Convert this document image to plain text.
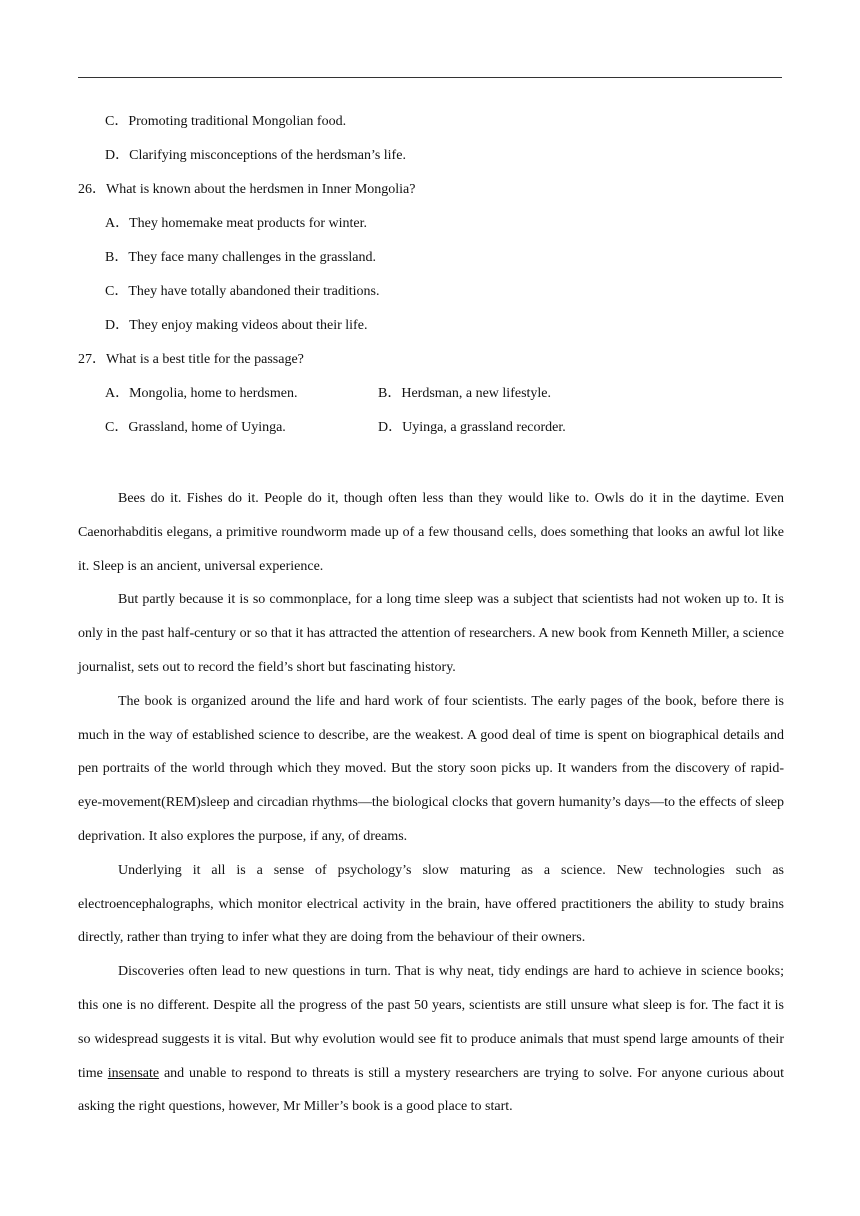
C．Promoting traditional Mongolian food.
D．Clarifying misconceptions of the herdsman’s life.
26．What is known about the herdsmen in Inner Mongolia?
A．They homemake meat products for winter.
B．They face many challenges in the grassland.
C．They have totally abandoned their traditions.
D．They enjoy making videos about their life.
27．What is a best title for the passage?
A．Mongolia, home to herdsmen.	B．Herdsman, a new lifestyle.
C．Grassland, home of Uyinga.	D．Uyinga, a grassland recorder.

Bees do it. Fishes do it. People do it, though often less than they would like to. Owls do it in the daytime. Even Caenorhabditis elegans, a primitive roundworm made up of a few thousand cells, does something that looks an awful lot like it. Sleep is an ancient, universal experience.

But partly because it is so commonplace, for a long time sleep was a subject that scientists had not woken up to. It is only in the past half-century or so that it has attracted the attention of researchers. A new book from Kenneth Miller, a science journalist, sets out to record the field’s short but fascinating history.

The book is organized around the life and hard work of four scientists. The early pages of the book, before there is much in the way of established science to describe, are the weakest. A good deal of time is spent on biographical details and pen portraits of the world through which they moved. But the story soon picks up. It wanders from the discovery of rapid-eye-movement(REM)sleep and circadian rhythms—the biological clocks that govern humanity’s days—to the effects of sleep deprivation. It also explores the purpose, if any, of dreams.

Underlying it all is a sense of psychology’s slow maturing as a science. New technologies such as electroencephalographs, which monitor electrical activity in the brain, have offered practitioners the ability to study brains directly, rather than trying to infer what they are doing from the behaviour of their owners.

Discoveries often lead to new questions in turn. That is why neat, tidy endings are hard to achieve in science books; this one is no different. Despite all the progress of the past 50 years, scientists are still unsure what sleep is for. The fact it is so widespread suggests it is vital. But why evolution would see fit to produce animals that must spend large amounts of their time insensate and unable to respond to threats is still a mystery researchers are trying to solve. For anyone curious about asking the right questions, however, Mr Miller’s book is a good place to start.
